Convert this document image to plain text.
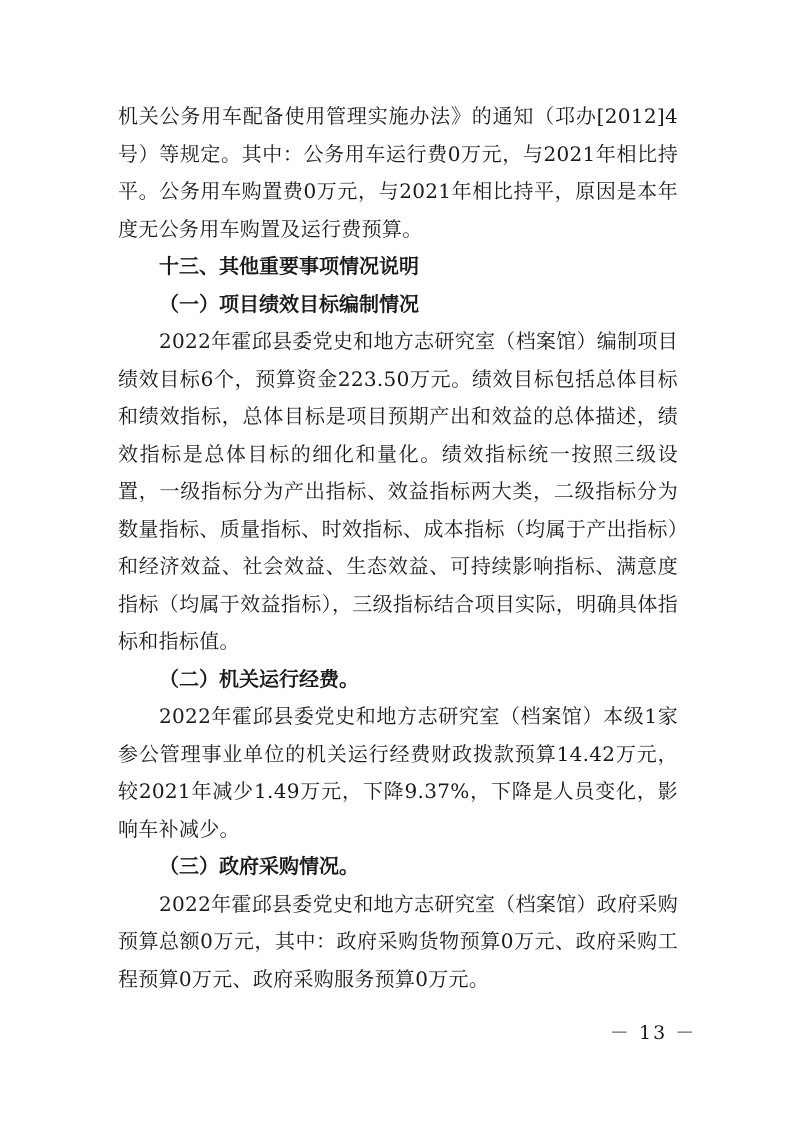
机关公务用车配备使用管理实施办法》的通知（邛办[2012]4号）等规定。其中：公务用车运行费0万元，与2021年相比持平。公务用车购置费0万元，与2021年相比持平，原因是本年度无公务用车购置及运行费预算。

十三、其他重要事项情况说明
（一）项目绩效目标编制情况

2022年霍邱县委党史和地方志研究室（档案馆）编制项目绩效目标6个，预算资金223.50万元。绩效目标包括总体目标和绩效指标，总体目标是项目预期产出和效益的总体描述，绩效指标是总体目标的细化和量化。绩效指标统一按照三级设置，一级指标分为产出指标、效益指标两大类，二级指标分为数量指标、质量指标、时效指标、成本指标（均属于产出指标）和经济效益、社会效益、生态效益、可持续影响指标、满意度指标（均属于效益指标），三级指标结合项目实际，明确具体指标和指标值。

（二）机关运行经费。

2022年霍邱县委党史和地方志研究室（档案馆）本级1家参公管理事业单位的机关运行经费财政拨款预算14.42万元，较2021年减少1.49万元，下降9.37%，下降是人员变化，影响车补减少。

（三）政府采购情况。

2022年霍邱县委党史和地方志研究室（档案馆）政府采购预算总额0万元，其中：政府采购货物预算0万元、政府采购工程预算0万元、政府采购服务预算0万元。

－ 13 －
